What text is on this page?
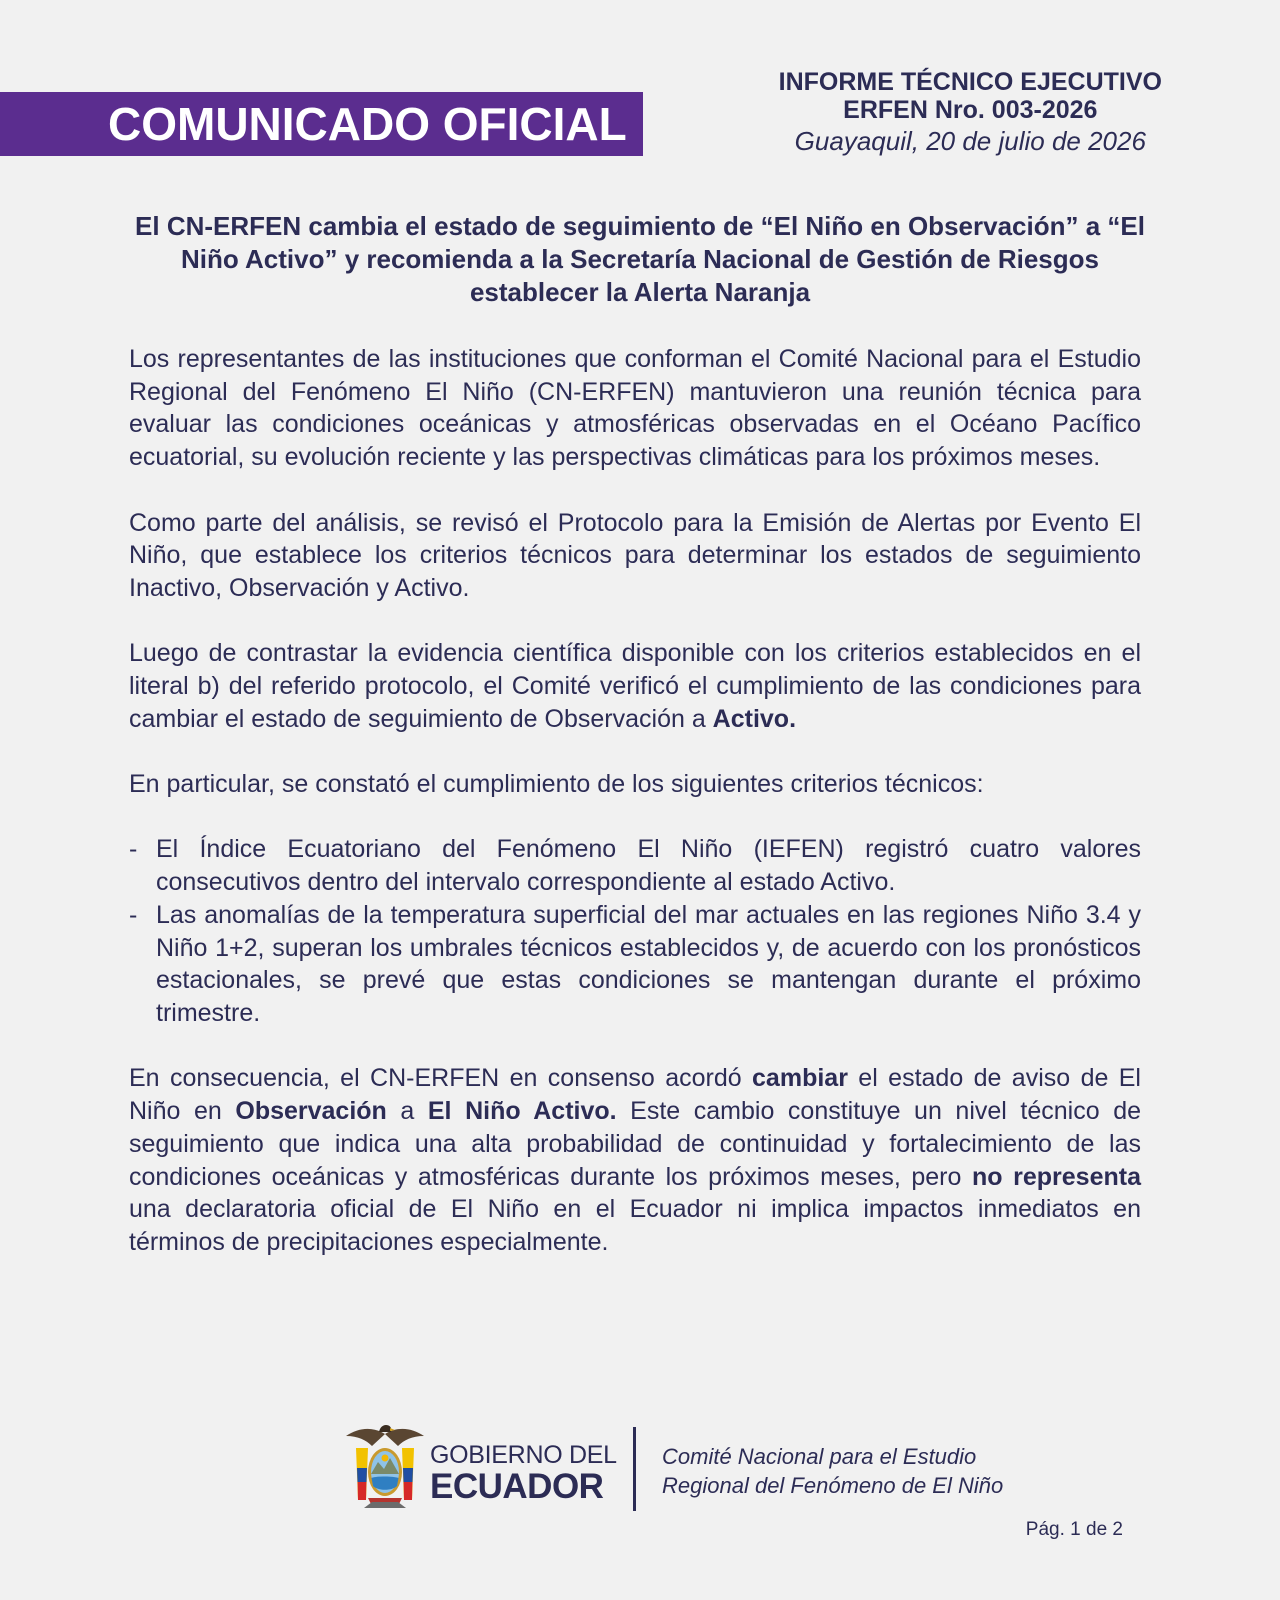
COMUNICADO OFICIAL
INFORME TÉCNICO EJECUTIVO
ERFEN Nro. 003-2026
Guayaquil, 20 de julio de 2026
El CN-ERFEN cambia el estado de seguimiento de “El Niño en Observación” a “El Niño Activo” y recomienda a la Secretaría Nacional de Gestión de Riesgos establecer la Alerta Naranja

Los representantes de las instituciones que conforman el Comité Nacional para el Estudio Regional del Fenómeno El Niño (CN-ERFEN) mantuvieron una reunión técnica para evaluar las condiciones oceánicas y atmosféricas observadas en el Océano Pacífico ecuatorial, su evolución reciente y las perspectivas climáticas para los próximos meses.

Como parte del análisis, se revisó el Protocolo para la Emisión de Alertas por Evento El Niño, que establece los criterios técnicos para determinar los estados de seguimiento Inactivo, Observación y Activo.

Luego de contrastar la evidencia científica disponible con los criterios establecidos en el literal b) del referido protocolo, el Comité verificó el cumplimiento de las condiciones para cambiar el estado de seguimiento de Observación a Activo.

En particular, se constató el cumplimiento de los siguientes criterios técnicos:

- El Índice Ecuatoriano del Fenómeno El Niño (IEFEN) registró cuatro valores consecutivos dentro del intervalo correspondiente al estado Activo.
- Las anomalías de la temperatura superficial del mar actuales en las regiones Niño 3.4 y Niño 1+2, superan los umbrales técnicos establecidos y, de acuerdo con los pronósticos estacionales, se prevé que estas condiciones se mantengan durante el próximo trimestre.

En consecuencia, el CN-ERFEN en consenso acordó cambiar el estado de aviso de El Niño en Observación a El Niño Activo. Este cambio constituye un nivel técnico de seguimiento que indica una alta probabilidad de continuidad y fortalecimiento de las condiciones oceánicas y atmosféricas durante los próximos meses, pero no representa una declaratoria oficial de El Niño en el Ecuador ni implica impactos inmediatos en términos de precipitaciones especialmente.

GOBIERNO DEL
ECUADOR
Comité Nacional para el Estudio
Regional del Fenómeno de El Niño
Pág. 1 de 2
